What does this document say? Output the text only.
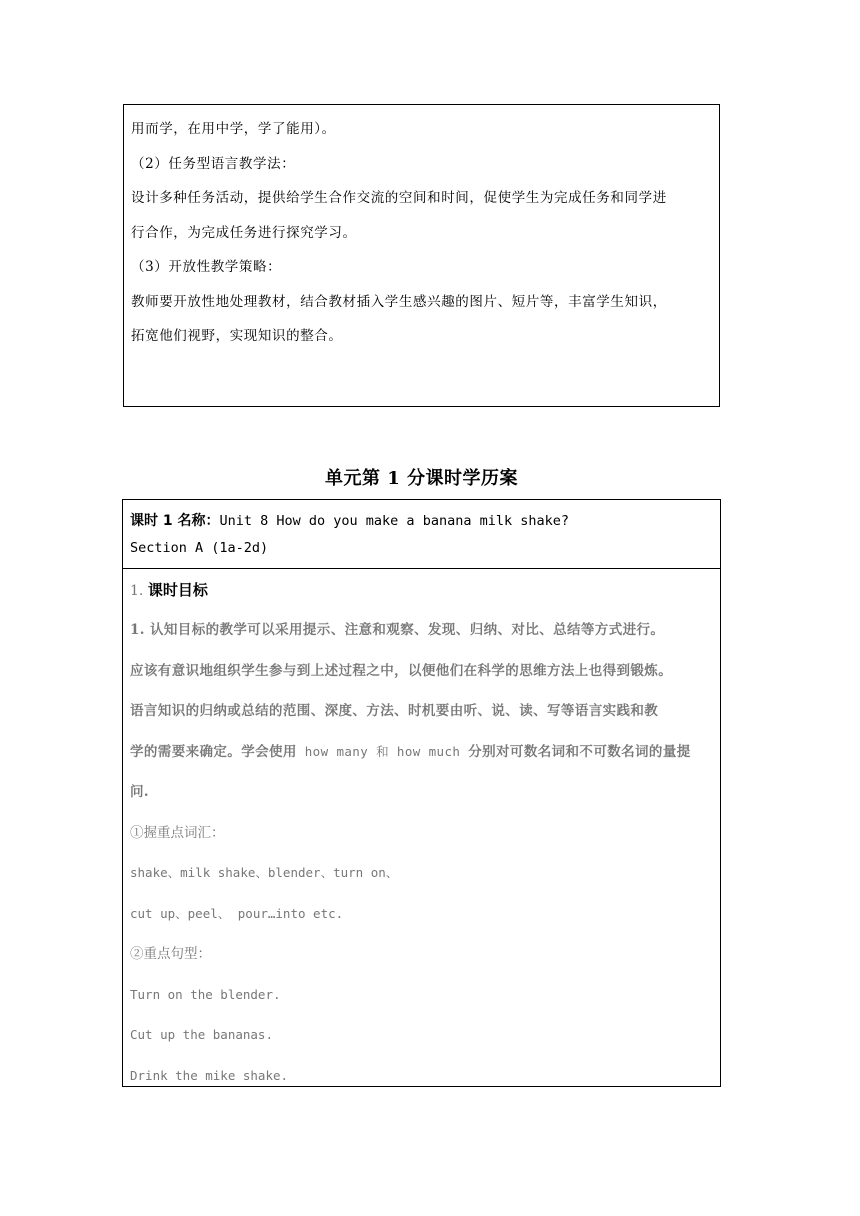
用而学，在用中学，学了能用）。
（2）任务型语言教学法：
设计多种任务活动，提供给学生合作交流的空间和时间，促使学生为完成任务和同学进
行合作，为完成任务进行探究学习。
（3）开放性教学策略：
教师要开放性地处理教材，结合教材插入学生感兴趣的图片、短片等，丰富学生知识，
拓宽他们视野，实现知识的整合。
单元第 1 分课时学历案
课时 1 名称：Unit 8 How do you make a banana milk shake?
Section A (1a-2d)
1. 课时目标
1. 认知目标的教学可以采用提示、注意和观察、发现、归纳、对比、总结等方式进行。
应该有意识地组织学生参与到上述过程之中，以便他们在科学的思维方法上也得到锻炼。
语言知识的归纳或总结的范围、深度、方法、时机要由听、说、读、写等语言实践和教
学的需要来确定。学会使用 how many 和 how much 分别对可数名词和不可数名词的量提
问.
①握重点词汇：
shake、milk shake、blender、turn on、
cut up、peel、 pour…into etc.
②重点句型：
Turn on the blender.
Cut up the bananas.
Drink the mike shake.
